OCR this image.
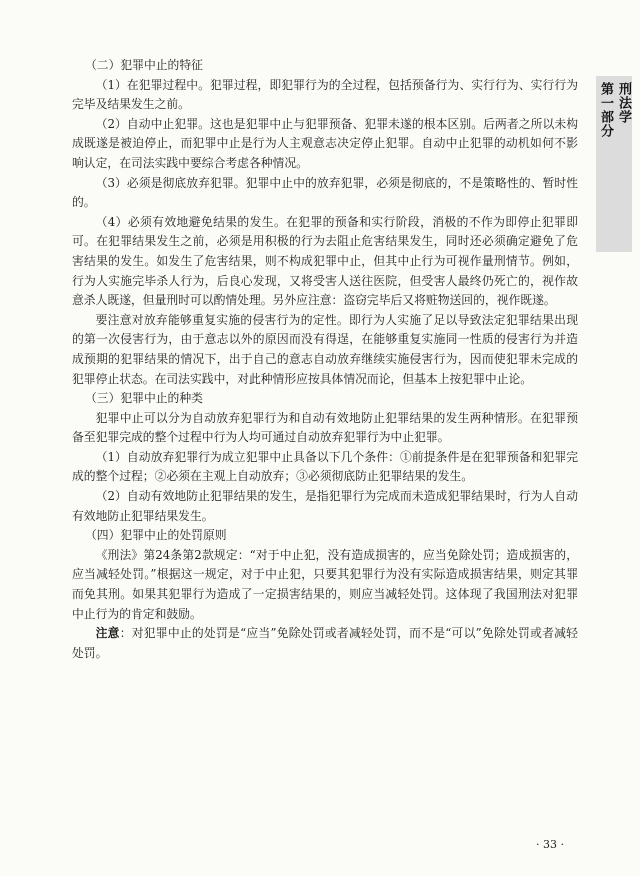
第一部分 刑法学

（二）犯罪中止的特征

（1）在犯罪过程中。犯罪过程，即犯罪行为的全过程，包括预备行为、实行行为、实行行为完毕及结果发生之前。

（2）自动中止犯罪。这也是犯罪中止与犯罪预备、犯罪未遂的根本区别。后两者之所以未构成既遂是被迫停止，而犯罪中止是行为人主观意志决定停止犯罪。自动中止犯罪的动机如何不影响认定，在司法实践中要综合考虑各种情况。

（3）必须是彻底放弃犯罪。犯罪中止中的放弃犯罪，必须是彻底的，不是策略性的、暂时性的。

（4）必须有效地避免结果的发生。在犯罪的预备和实行阶段，消极的不作为即停止犯罪即可。在犯罪结果发生之前，必须是用积极的行为去阻止危害结果发生，同时还必须确定避免了危害结果的发生。如发生了危害结果，则不构成犯罪中止，但其中止行为可视作量刑情节。例如，行为人实施完毕杀人行为，后良心发现，又将受害人送往医院，但受害人最终仍死亡的，视作故意杀人既遂，但量刑时可以酌情处理。另外应注意：盗窃完毕后又将赃物送回的，视作既遂。

要注意对放弃能够重复实施的侵害行为的定性。即行为人实施了足以导致法定犯罪结果出现的第一次侵害行为，由于意志以外的原因而没有得逞，在能够重复实施同一性质的侵害行为并造成预期的犯罪结果的情况下，出于自己的意志自动放弃继续实施侵害行为，因而使犯罪未完成的犯罪停止状态。在司法实践中，对此种情形应按具体情况而论，但基本上按犯罪中止论。

（三）犯罪中止的种类

犯罪中止可以分为自动放弃犯罪行为和自动有效地防止犯罪结果的发生两种情形。在犯罪预备至犯罪完成的整个过程中行为人均可通过自动放弃犯罪行为中止犯罪。

（1）自动放弃犯罪行为成立犯罪中止具备以下几个条件：①前提条件是在犯罪预备和犯罪完成的整个过程；②必须在主观上自动放弃；③必须彻底防止犯罪结果的发生。

（2）自动有效地防止犯罪结果的发生，是指犯罪行为完成而未造成犯罪结果时，行为人自动有效地防止犯罪结果发生。

（四）犯罪中止的处罚原则

《刑法》第24条第2款规定：“对于中止犯，没有造成损害的，应当免除处罚；造成损害的，应当减轻处罚。”根据这一规定，对于中止犯，只要其犯罪行为没有实际造成损害结果，则定其罪而免其刑。如果其犯罪行为造成了一定损害结果的，则应当减轻处罚。这体现了我国刑法对犯罪中止行为的肯定和鼓励。

注意：对犯罪中止的处罚是“应当”免除处罚或者减轻处罚，而不是“可以”免除处罚或者减轻处罚。

· 33 ·
